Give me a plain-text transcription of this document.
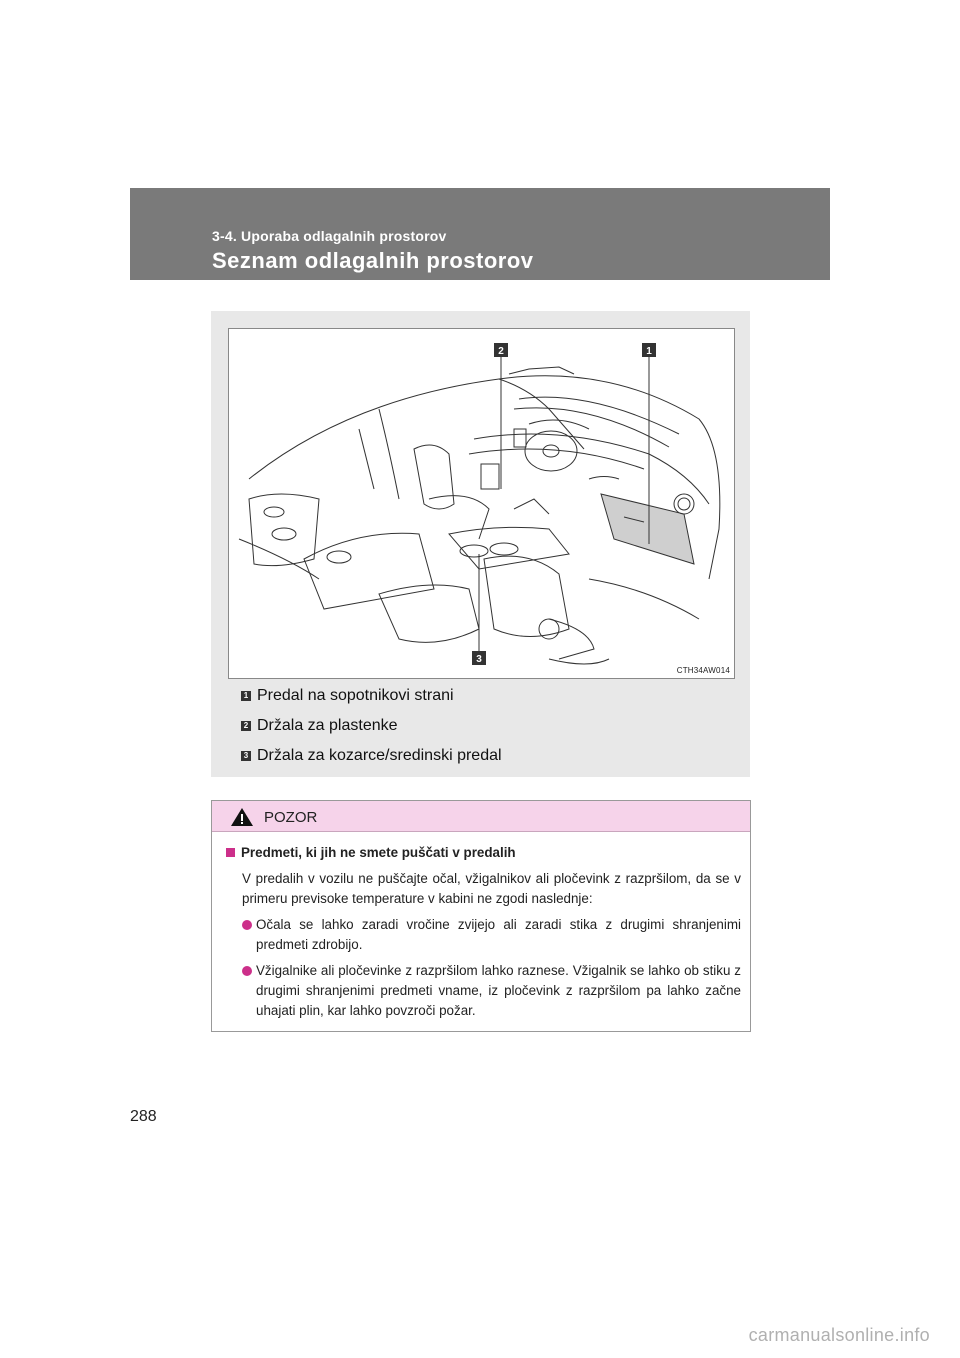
3-4. Uporaba odlagalnih prostorov
Seznam odlagalnih prostorov
1
2
3
CTH34AW014
1 Predal na sopotnikovi strani
2 Držala za plastenke
3 Držala za kozarce/sredinski predal
POZOR
Predmeti, ki jih ne smete puščati v predalih
V predalih v vozilu ne puščajte očal, vžigalnikov ali pločevink z razpršilom, da se v primeru previsoke temperature v kabini ne zgodi naslednje:
Očala se lahko zaradi vročine zvijejo ali zaradi stika z drugimi shranjenimi predmeti zdrobijo.
Vžigalnike ali pločevinke z razpršilom lahko raznese. Vžigalnik se lahko ob stiku z drugimi shranjenimi predmeti vname, iz pločevink z razpršilom pa lahko začne uhajati plin, kar lahko povzroči požar.
288
carmanualsonline.info
